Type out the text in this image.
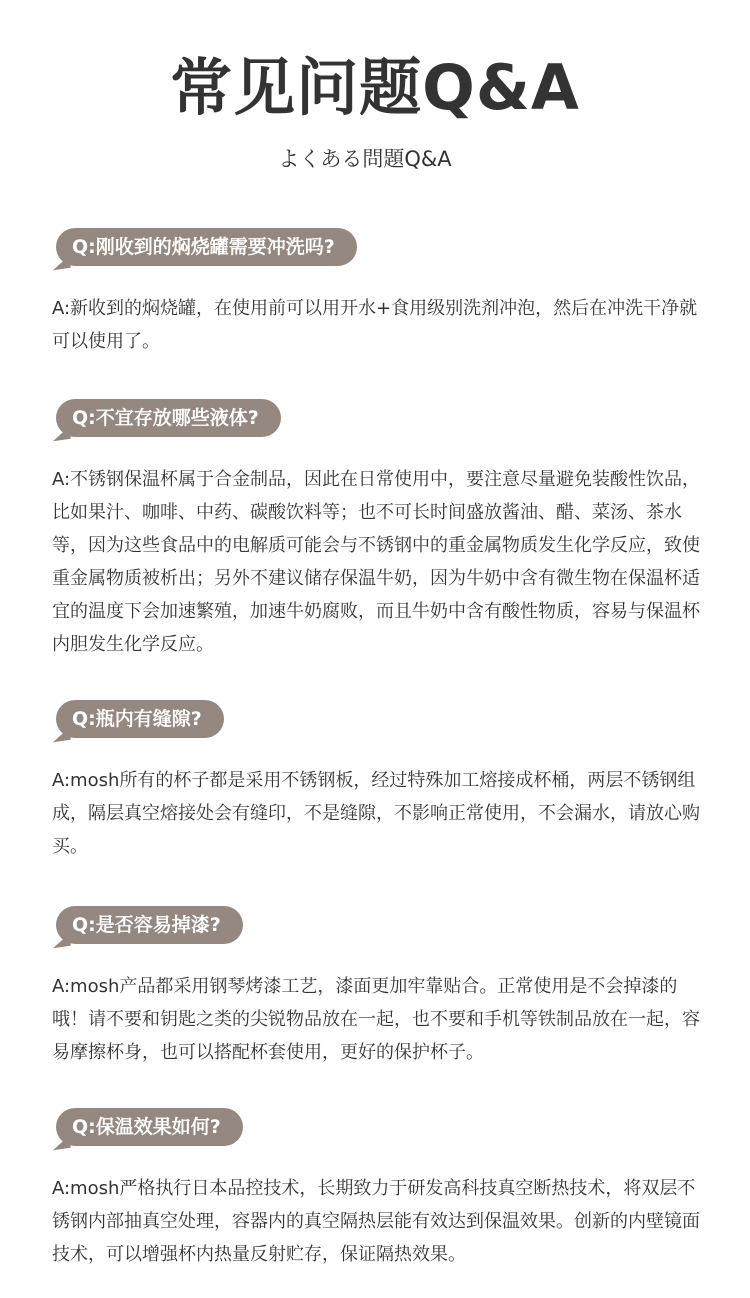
常见问题Q&A
よくある問題Q&A
Q:刚收到的焖烧罐需要冲洗吗?
A:新收到的焖烧罐，在使用前可以用开水+食用级别洗剂冲泡，然后在冲洗干净就可以使用了。
Q:不宜存放哪些液体?
A:不锈钢保温杯属于合金制品，因此在日常使用中，要注意尽量避免装酸性饮品，比如果汁、咖啡、中药、碳酸饮料等；也不可长时间盛放酱油、醋、菜汤、茶水等，因为这些食品中的电解质可能会与不锈钢中的重金属物质发生化学反应，致使重金属物质被析出；另外不建议储存保温牛奶，因为牛奶中含有微生物在保温杯适宜的温度下会加速繁殖，加速牛奶腐败，而且牛奶中含有酸性物质，容易与保温杯内胆发生化学反应。
Q:瓶内有缝隙?
A:mosh所有的杯子都是采用不锈钢板，经过特殊加工熔接成杯桶，两层不锈钢组成，隔层真空熔接处会有缝印，不是缝隙，不影响正常使用，不会漏水，请放心购买。
Q:是否容易掉漆?
A:mosh产品都采用钢琴烤漆工艺，漆面更加牢靠贴合。正常使用是不会掉漆的哦！请不要和钥匙之类的尖锐物品放在一起，也不要和手机等铁制品放在一起，容易摩擦杯身，也可以搭配杯套使用，更好的保护杯子。
Q:保温效果如何?
A:mosh严格执行日本品控技术，长期致力于研发高科技真空断热技术，将双层不锈钢内部抽真空处理，容器内的真空隔热层能有效达到保温效果。创新的内壁镜面技术，可以增强杯内热量反射贮存，保证隔热效果。
